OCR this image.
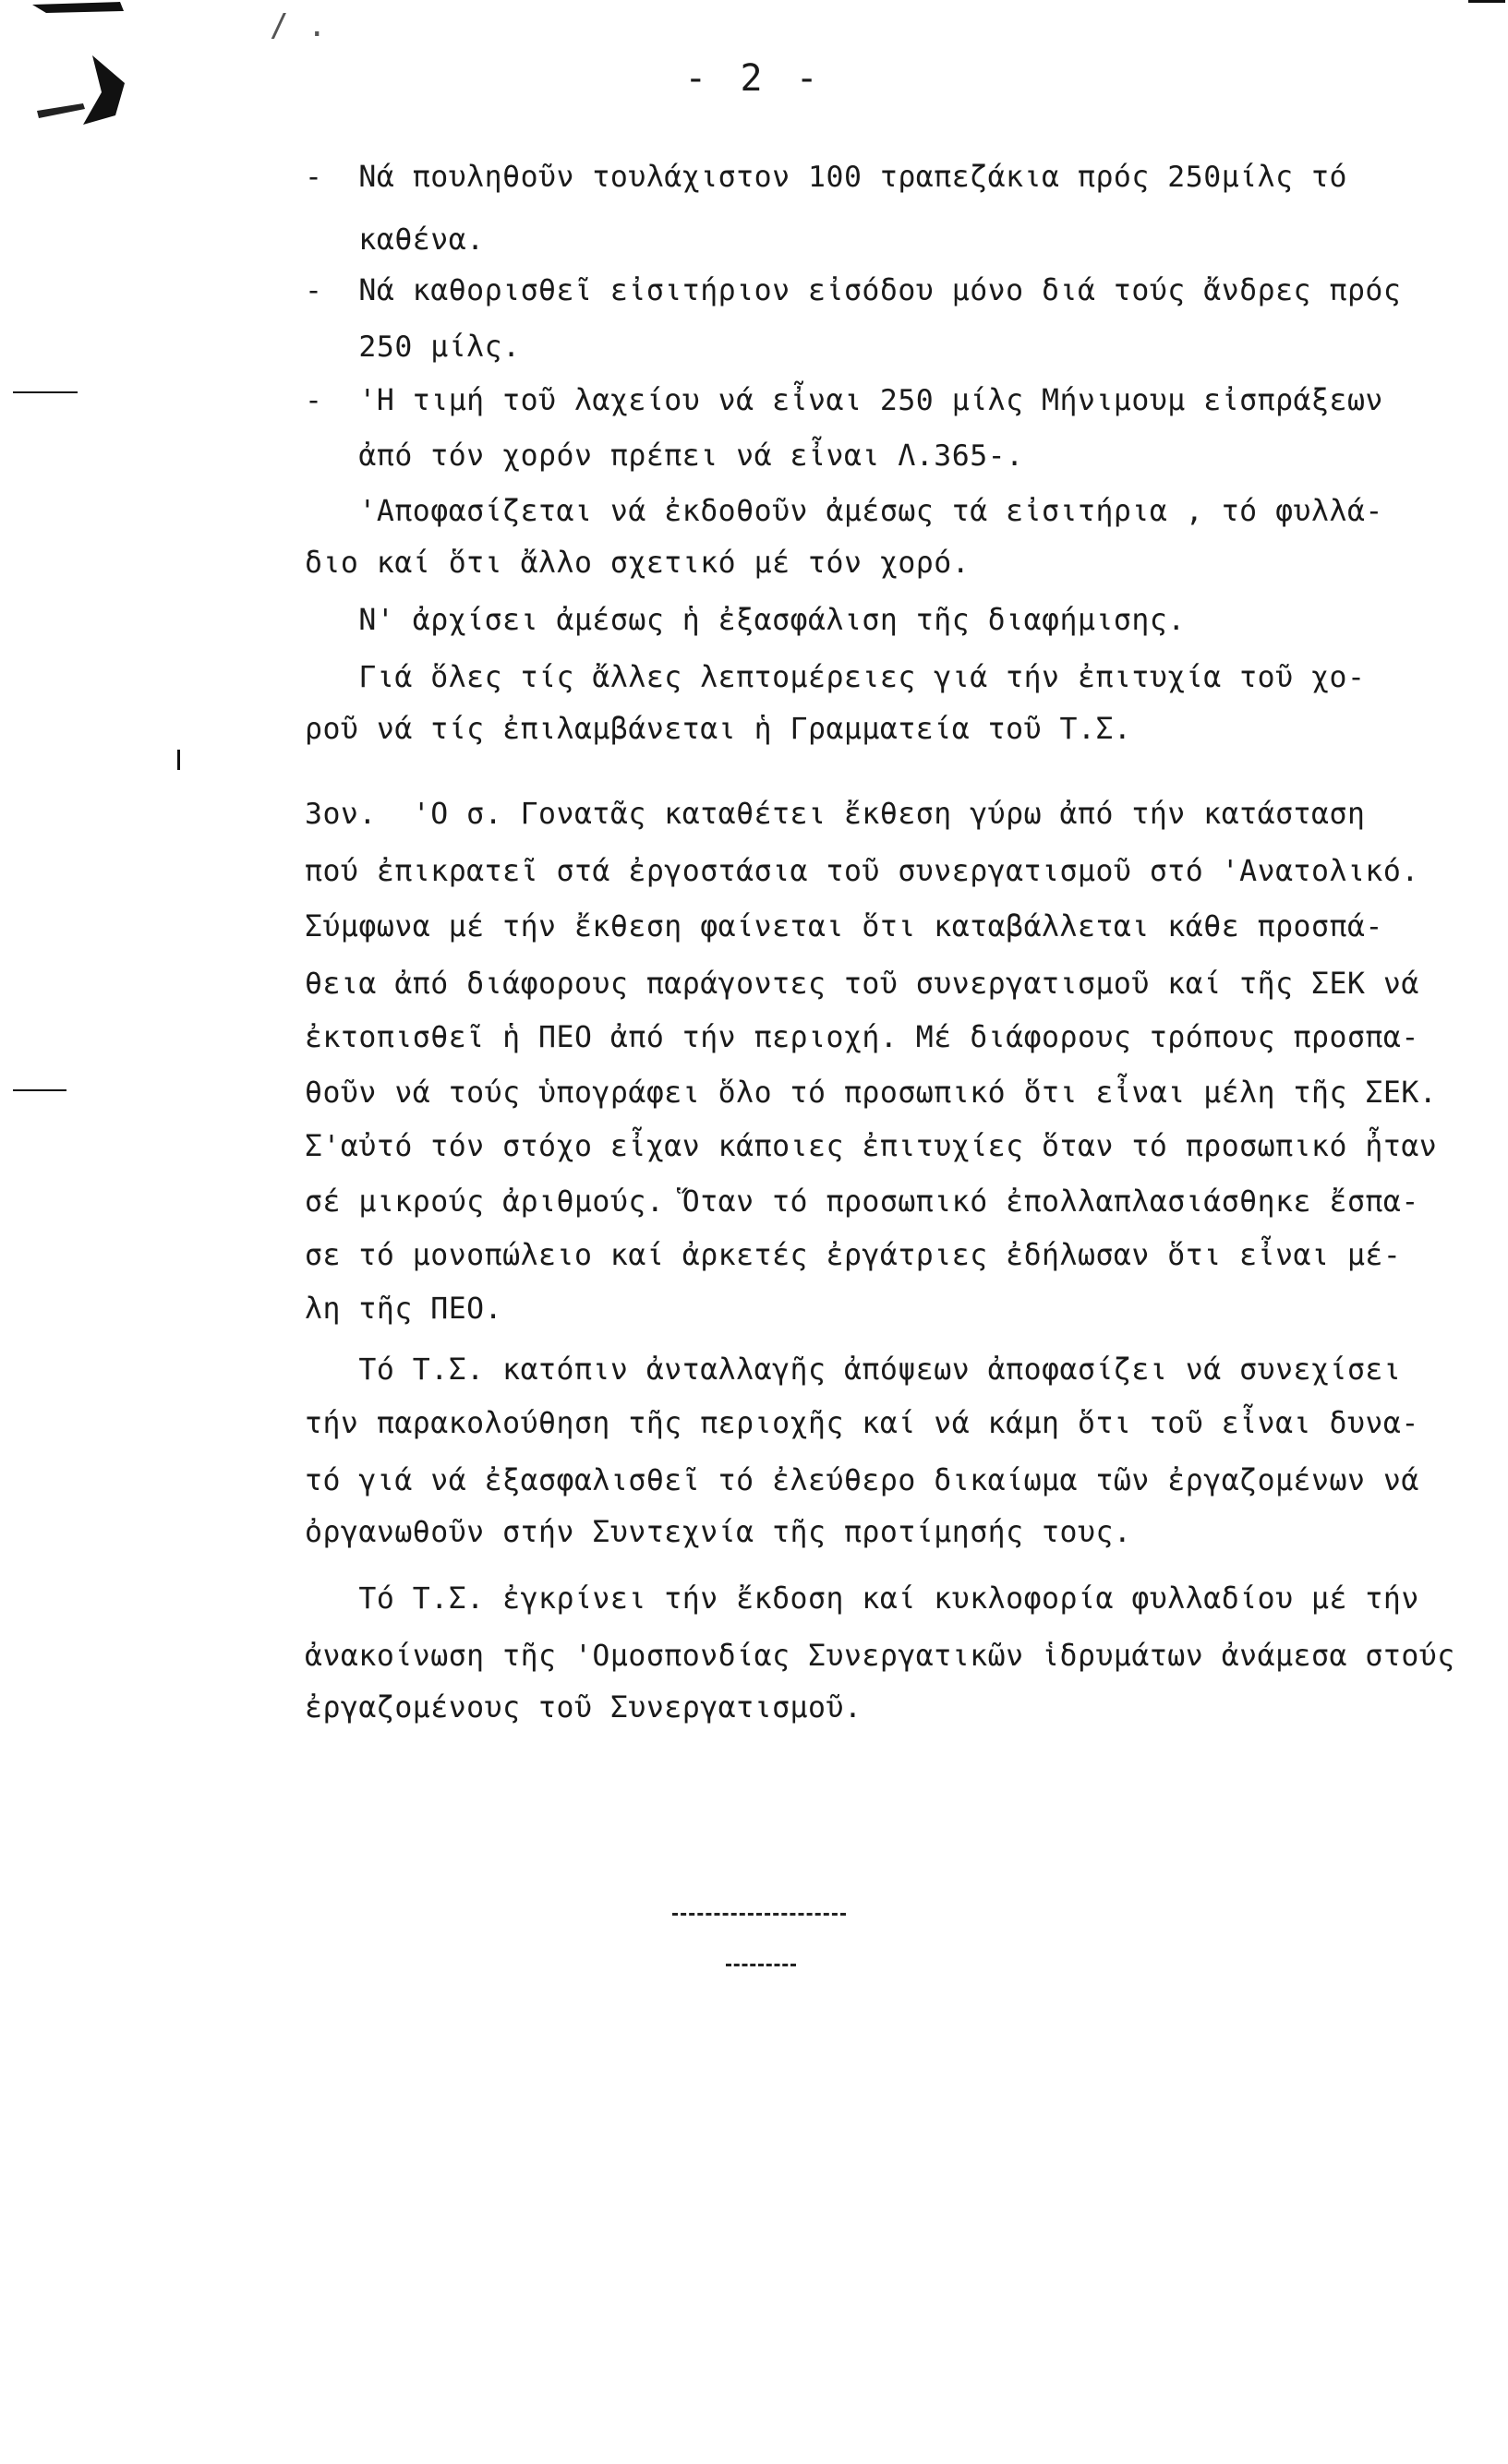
/ .
- 2 -
-  Νά πουληθοῦν τουλάχιστον 100 τραπεζάκια πρός 250μίλς τό
καθένα.
-  Νά καθορισθεῖ εἰσιτήριον εἰσόδου μόνο διά τούς ἄνδρες πρός
250 μίλς.
-  'Η τιμή τοῦ λαχείου νά εἶναι 250 μίλς Μήνιμουμ εἰσπράξεων
ἀπό τόν χορόν πρέπει νά εἶναι Λ.365-.
'Αποφασίζεται νά ἐκδοθοῦν ἀμέσως τά εἰσιτήρια , τό φυλλά-
διο καί ὅτι ἄλλο σχετικό μέ τόν χορό.
Ν' ἀρχίσει ἀμέσως ἡ ἐξασφάλιση τῆς διαφήμισης.
Γιά ὅλες τίς ἄλλες λεπτομέρειες γιά τήν ἐπιτυχία τοῦ χο-
ροῦ νά τίς ἐπιλαμβάνεται ἡ Γραμματεία τοῦ Τ.Σ.
3ον.  'Ο σ. Γονατᾶς καταθέτει ἔκθεση γύρω ἀπό τήν κατάσταση
πού ἐπικρατεῖ στά ἐργοστάσια τοῦ συνεργατισμοῦ στό 'Ανατολικό.
Σύμφωνα μέ τήν ἔκθεση φαίνεται ὅτι καταβάλλεται κάθε προσπά-
θεια ἀπό διάφορους παράγοντες τοῦ συνεργατισμοῦ καί τῆς ΣΕΚ νά
ἐκτοπισθεῖ ἡ ΠΕΟ ἀπό τήν περιοχή. Μέ διάφορους τρόπους προσπα-
θοῦν νά τούς ὑπογράφει ὅλο τό προσωπικό ὅτι εἶναι μέλη τῆς ΣΕΚ.
Σ'αὐτό τόν στόχο εἶχαν κάποιες ἐπιτυχίες ὅταν τό προσωπικό ἦταν
σέ μικρούς ἀριθμούς. Ὅταν τό προσωπικό ἐπολλαπλασιάσθηκε ἔσπα-
σε τό μονοπώλειο καί ἀρκετές ἐργάτριες ἐδήλωσαν ὅτι εἶναι μέ-
λη τῆς ΠΕΟ.
Τό Τ.Σ. κατόπιν ἀνταλλαγῆς ἀπόψεων ἀποφασίζει νά συνεχίσει
τήν παρακολούθηση τῆς περιοχῆς καί νά κάμη ὅτι τοῦ εἶναι δυνα-
τό γιά νά ἐξασφαλισθεῖ τό ἐλεύθερο δικαίωμα τῶν ἐργαζομένων νά
ὀργανωθοῦν στήν Συντεχνία τῆς προτίμησής τους.
Τό Τ.Σ. ἐγκρίνει τήν ἔκδοση καί κυκλοφορία φυλλαδίου μέ τήν
ἀνακοίνωση τῆς 'Ομοσπονδίας Συνεργατικῶν ἱδρυμάτων ἀνάμεσα στούς
ἐργαζομένους τοῦ Συνεργατισμοῦ.
